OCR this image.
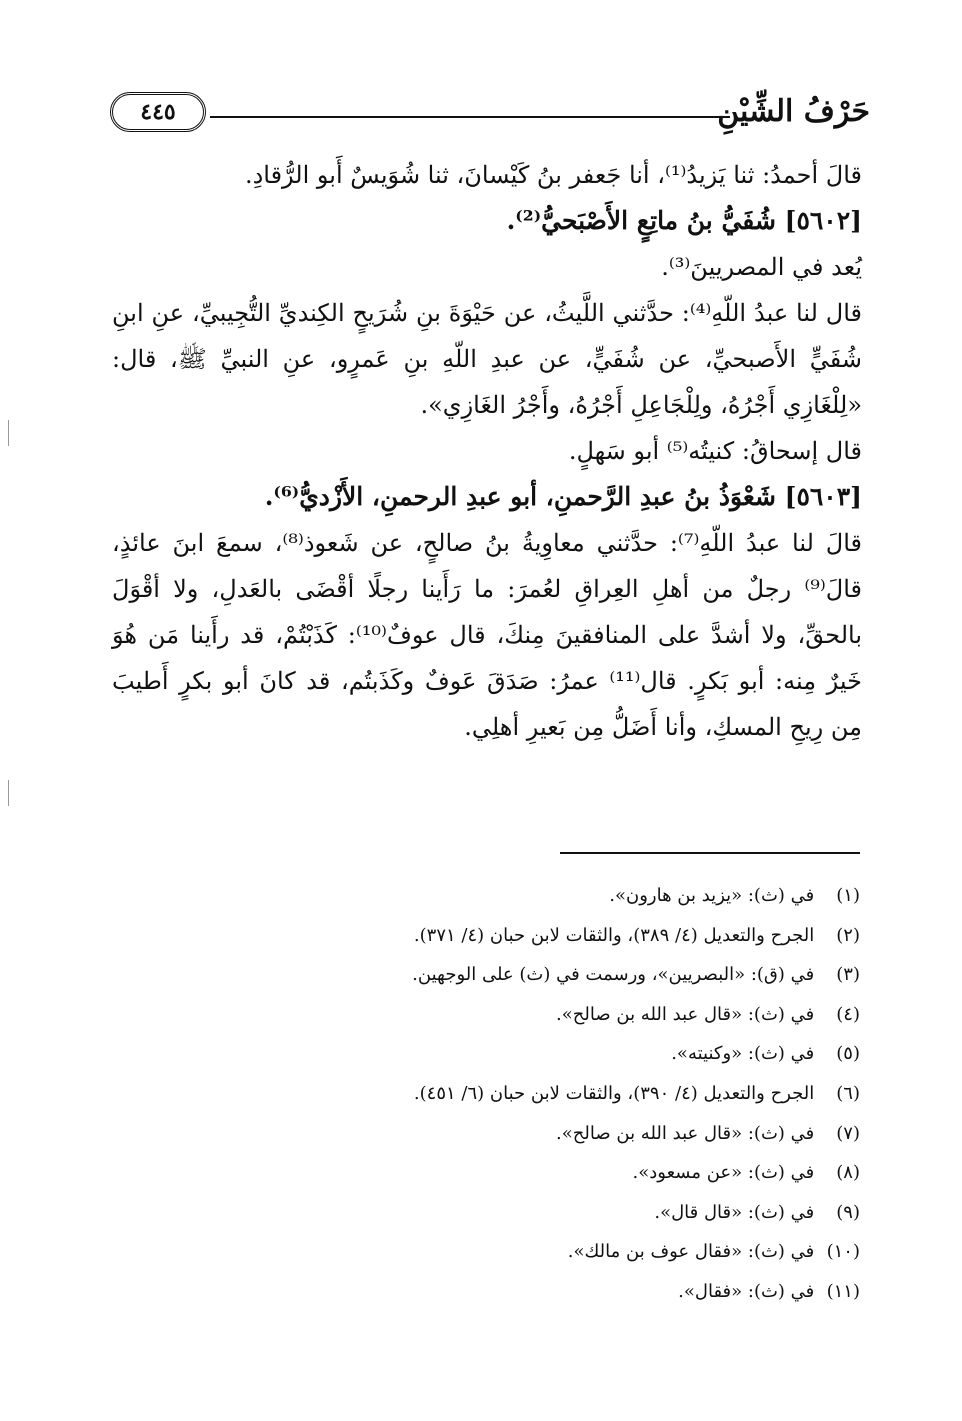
٤٤٥	حَرْفُ الشِّيْنِ

قالَ أحمدُ: ثنا يَزيدُ⁽¹⁾، أنا جَعفر بنُ كَيْسانَ، ثنا شُوَيسٌ أَبو الرُّقادِ.

[٥٦٠٢] شُفَيُّ بنُ ماتِعٍ الأَصْبَحيُّ⁽²⁾.

يُعد في المصريينَ⁽³⁾.

قال لنا عبدُ اللّهِ⁽⁴⁾: حدَّثني اللَّيثُ، عن حَيْوَةَ بنِ شُرَيحٍ الكِنديِّ التُّجِيبيِّ، عنِ ابنِ شُفَيٍّ الأَصبحيِّ، عن شُفَيٍّ، عن عبدِ اللّهِ بنِ عَمرٍو، عنِ النبيِّ ﷺ، قال: «لِلْغَازِي أَجْرُهُ، ولِلْجَاعِلِ أَجْرُهُ، وأَجْرُ الغَازِي».

قال إسحاقُ: كنيتُه⁽⁵⁾ أبو سَهلٍ.

[٥٦٠٣] شَعْوَذُ بنُ عبدِ الرَّحمنِ، أبو عبدِ الرحمنِ، الأَزْديُّ⁽⁶⁾.

قالَ لنا عبدُ اللّهِ⁽⁷⁾: حدَّثني معاوِيةُ بنُ صالحٍ، عن شَعوذ⁽⁸⁾، سمعَ ابنَ عائذٍ، قالَ⁽⁹⁾ رجلٌ من أهلِ العِراقِ لعُمرَ: ما رَأَينا رجلًا أقْضَى بالعَدلِ، ولا أقْوَلَ بالحقِّ، ولا أشدَّ على المنافقينَ مِنكَ، قال عوفٌ⁽¹⁰⁾: كَذَبْتُمْ، قد رأَينا مَن هُوَ خَيرٌ مِنه: أبو بَكرٍ. قال⁽¹¹⁾ عمرُ: صَدَقَ عَوفٌ وكَذَبتُم، قد كانَ أبو بكرٍ أَطيبَ مِن رِيحِ المسكِ، وأنا أَضَلُّ مِن بَعيرِ أهلِي.

(١) في (ث): «يزيد بن هارون».
(٢) الجرح والتعديل (٤/ ٣٨٩)، والثقات لابن حبان (٤/ ٣٧١).
(٣) في (ق): «البصريين»، ورسمت في (ث) على الوجهين.
(٤) في (ث): «قال عبد الله بن صالح».
(٥) في (ث): «وكنيته».
(٦) الجرح والتعديل (٤/ ٣٩٠)، والثقات لابن حبان (٦/ ٤٥١).
(٧) في (ث): «قال عبد الله بن صالح».
(٨) في (ث): «عن مسعود».
(٩) في (ث): «قال قال».
(١٠) في (ث): «فقال عوف بن مالك».
(١١) في (ث): «فقال».
